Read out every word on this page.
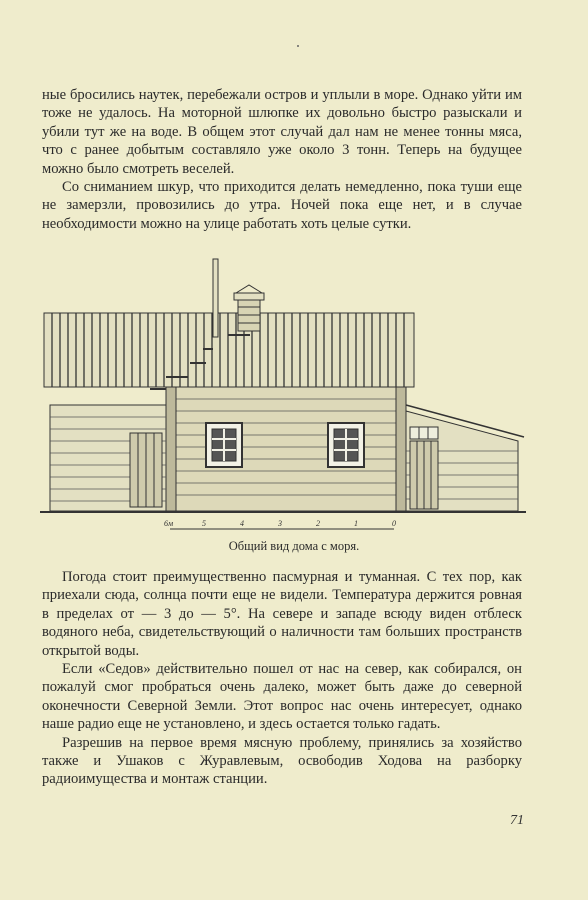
ные бросились наутек, перебежали остров и уплыли в море. Однако уйти им тоже не удалось. На моторной шлюпке их довольно быстро разыскали и убили тут же на воде. В общем этот случай дал нам не менее тонны мяса, что с ранее добытым составляло уже около 3 тонн. Теперь на будущее можно было смотреть веселей.

Со сниманием шкур, что приходится делать немедленно, пока туши еще не замерзли, провозились до утра. Ночей пока еще нет, и в случае необходимости можно на улице работать хоть целые сутки.

6м	5	4	3	2	1	0
Общий вид дома с моря.

Погода стоит преимущественно пасмурная и туманная. С тех пор, как приехали сюда, солнца почти еще не видели. Температура держится ровная в пределах от — 3 до — 5°. На севере и западе всюду виден отблеск водяного неба, свидетельствующий о наличности там больших пространств открытой воды.

Если «Седов» действительно пошел от нас на север, как собирался, он пожалуй смог пробраться очень далеко, может быть даже до северной оконечности Северной Земли. Этот вопрос нас очень интересует, однако наше радио еще не установлено, и здесь остается только гадать.

Разрешив на первое время мясную проблему, принялись за хозяйство также и Ушаков с Журавлевым, освободив Ходова на разборку радиоимущества и монтаж станции.

71
